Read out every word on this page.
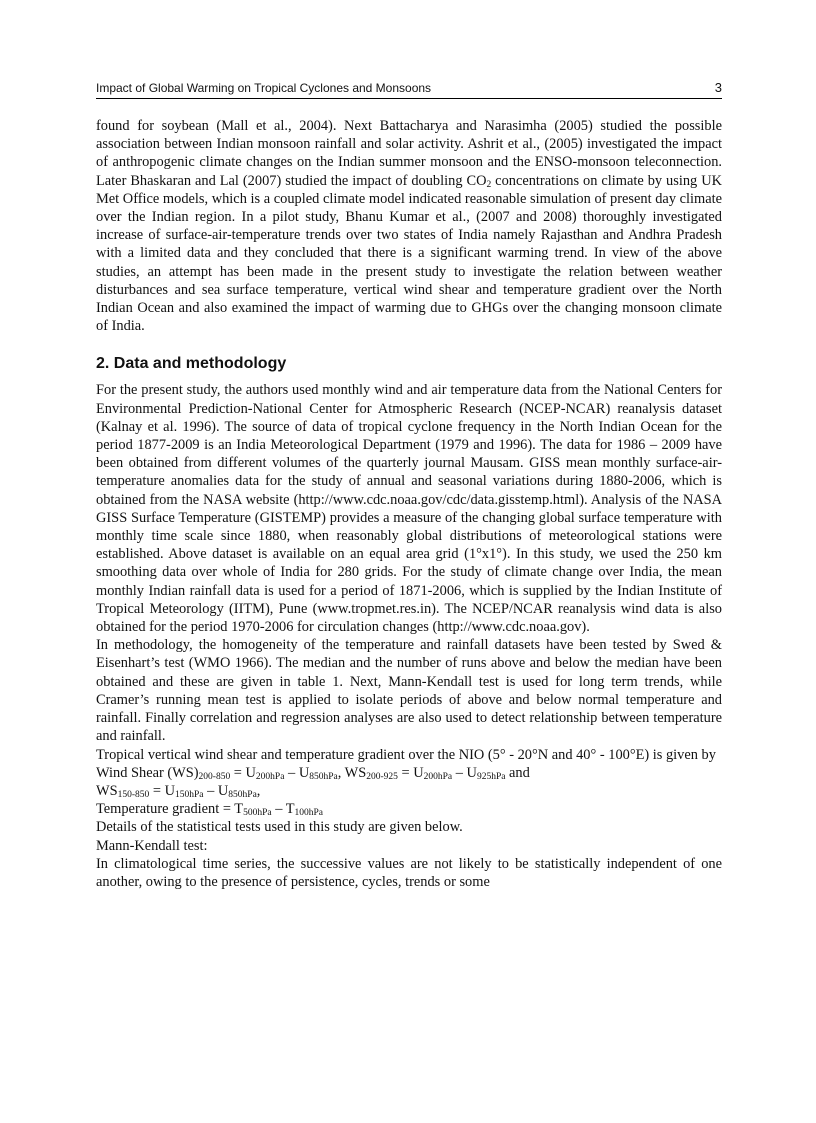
Impact of Global Warming on Tropical Cyclones and Monsoons	3

found for soybean (Mall et al., 2004). Next Battacharya and Narasimha (2005) studied the possible association between Indian monsoon rainfall and solar activity. Ashrit et al., (2005) investigated the impact of anthropogenic climate changes on the Indian summer monsoon and the ENSO-monsoon teleconnection. Later Bhaskaran and Lal (2007) studied the impact of doubling $CO_2$ concentrations on climate by using UK Met Office models, which is a coupled climate model indicated reasonable simulation of present day climate over the Indian region. In a pilot study, Bhanu Kumar et al., (2007 and 2008) thoroughly investigated increase of surface-air-temperature trends over two states of India namely Rajasthan and Andhra Pradesh with a limited data and they concluded that there is a significant warming trend. In view of the above studies, an attempt has been made in the present study to investigate the relation between weather disturbances and sea surface temperature, vertical wind shear and temperature gradient over the North Indian Ocean and also examined the impact of warming due to GHGs over the changing monsoon climate of India.

2. Data and methodology

For the present study, the authors used monthly wind and air temperature data from the National Centers for Environmental Prediction-National Center for Atmospheric Research (NCEP-NCAR) reanalysis dataset (Kalnay et al. 1996). The source of data of tropical cyclone frequency in the North Indian Ocean for the period 1877-2009 is an India Meteorological Department (1979 and 1996). The data for 1986 – 2009 have been obtained from different volumes of the quarterly journal Mausam. GISS mean monthly surface-air-temperature anomalies data for the study of annual and seasonal variations during 1880-2006, which is obtained from the NASA website (http://www.cdc.noaa.gov/cdc/data.gisstemp.html). Analysis of the NASA GISS Surface Temperature (GISTEMP) provides a measure of the changing global surface temperature with monthly time scale since 1880, when reasonably global distributions of meteorological stations were established. Above dataset is available on an equal area grid (1°x1°). In this study, we used the 250 km smoothing data over whole of India for 280 grids. For the study of climate change over India, the mean monthly Indian rainfall data is used for a period of 1871-2006, which is supplied by the Indian Institute of Tropical Meteorology (IITM), Pune (www.tropmet.res.in). The NCEP/NCAR reanalysis wind data is also obtained for the period 1970-2006 for circulation changes (http://www.cdc.noaa.gov).

In methodology, the homogeneity of the temperature and rainfall datasets have been tested by Swed & Eisenhart’s test (WMO 1966). The median and the number of runs above and below the median have been obtained and these are given in table 1. Next, Mann-Kendall test is used for long term trends, while Cramer’s running mean test is applied to isolate periods of above and below normal temperature and rainfall. Finally correlation and regression analyses are also used to detect relationship between temperature and rainfall.

Tropical vertical wind shear and temperature gradient over the NIO (5° - 20°N and 40° - 100°E) is given by

Wind Shear $(WS)_{200-850} = U_{200hPa} - U_{850hPa}$, $WS_{200-925} = U_{200hPa} - U_{925hPa}$ and

$WS_{150-850} = U_{150hPa} - U_{850hPa}$,

Temperature gradient = $T_{500hPa} - T_{100hPa}$

Details of the statistical tests used in this study are given below.

Mann-Kendall test:

In climatological time series, the successive values are not likely to be statistically independent of one another, owing to the presence of persistence, cycles, trends or some
